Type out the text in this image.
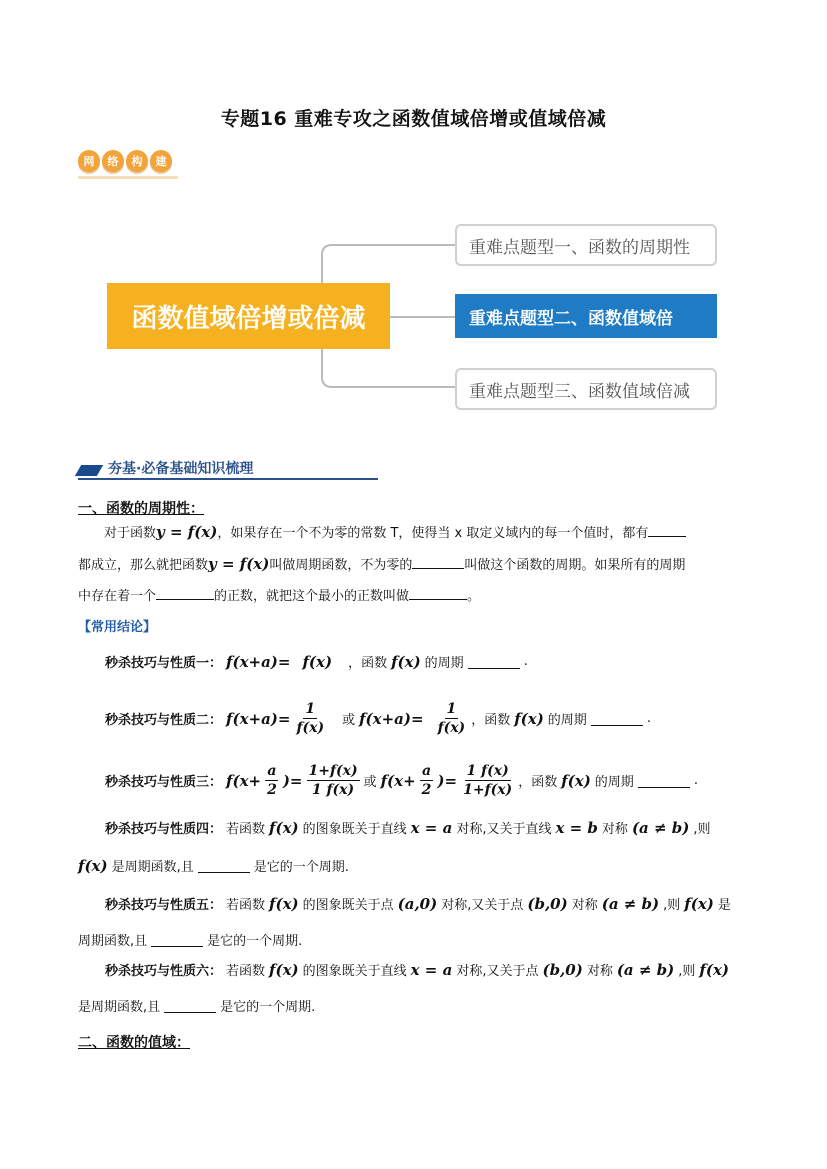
专题16 重难专攻之函数值域倍增或值域倍减
网	络	构	建
函数值域倍增或倍减
重难点题型一、函数的周期性
重难点题型二、函数值域倍
重难点题型三、函数值域倍减
夯基·必备基础知识梳理
一、函数的周期性：
对于函数y = f(x)，如果存在一个不为零的常数 T，使得当 x 取定义域内的每一个值时，都有
都成立，那么就把函数y = f(x)叫做周期函数，不为零的	叫做这个函数的周期。如果所有的周期
中存在着一个	的正数，就把这个最小的正数叫做	。
【常用结论】
秒杀技巧与性质一： f(x+a)= f(x) ，函数 f(x) 的周期	.
秒杀技巧与性质二： $f(x+a)= \frac{1}{f(x)}$ 或 $f(x+a)= \frac{1}{f(x)}$ ，函数 f(x) 的周期	.
秒杀技巧与性质三： $f(x+ \frac{a}{2}$ )= $\frac{1+f(x)}{1 f(x)}$ 或 $f(x+ \frac{a}{2}$ )= $\frac{1 f(x)}{1+f(x)}$ ，函数 f(x) 的周期	.
秒杀技巧与性质四： 若函数 f(x) 的图象既关于直线 x = a 对称,又关于直线 x = b 对称 (a ≠ b) ,则
f(x) 是周期函数,且	是它的一个周期.
秒杀技巧与性质五： 若函数 f(x) 的图象既关于点 (a,0) 对称,又关于点 (b,0) 对称 (a ≠ b) ,则 f(x) 是
周期函数,且	是它的一个周期.
秒杀技巧与性质六： 若函数 f(x) 的图象既关于直线 x = a 对称,又关于点 (b,0) 对称 (a ≠ b) ,则 f(x)
是周期函数,且	是它的一个周期.
二、函数的值域：
